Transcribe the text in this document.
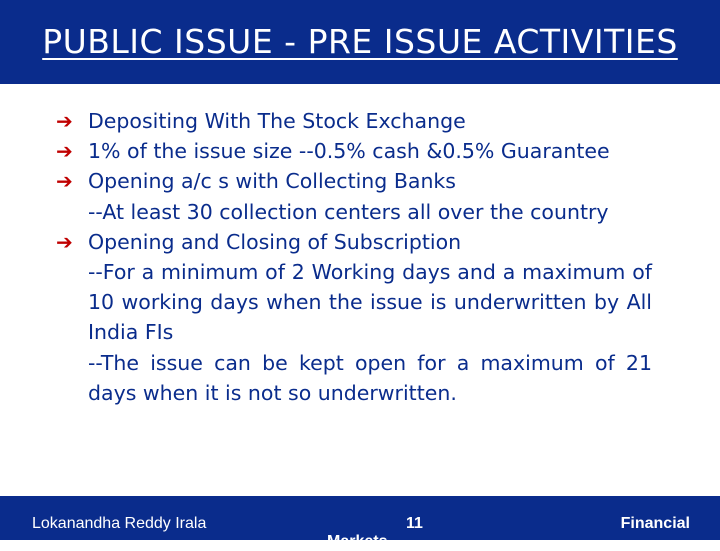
PUBLIC ISSUE - PRE ISSUE ACTIVITIES
➔ Depositing With The Stock Exchange
➔ 1% of the issue size --0.5% cash &0.5% Guarantee
➔ Opening a/c s with Collecting Banks
--At least 30 collection centers all over the country
➔ Opening and Closing of Subscription
--For a minimum of 2 Working days and a maximum of 10 working days when the issue is underwritten by All India FIs
--The issue can be kept open for a maximum of 21 days when it is not so underwritten.
Lokanandha Reddy Irala	11	Financial
Markets
